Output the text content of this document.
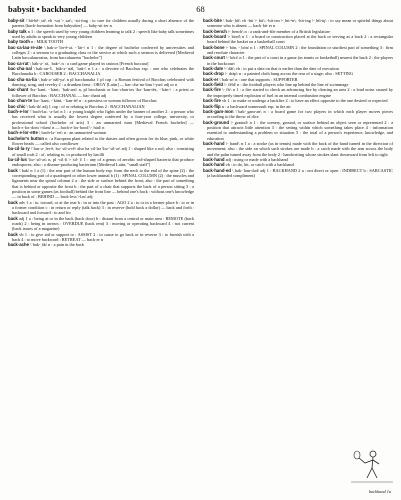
babysit • backhanded	68

baby-sit \ˈbā-bē-ˌsit\ vb -sat \-ˌsat\; -sit·ting : to care for children usually during a short absence of the parents [back-formation from babysitter] — baby-sit·ter n

baby talk n 1 : the speech used by very young children learning to talk 2 : speech like baby talk sometimes used by adults to speak to very young children

baby tooth n : MILK TOOTH

bac·ca·lau·re·ate \ˌbak-ə-ˈlȯr-ē-ət, -ˈlär-\ n 1 : the degree of bachelor conferred by universities and colleges 2 : a sermon to a graduating class or the service at which such a sermon is delivered [Medieval Latin baccalaureatus, from baccalaureus "bachelor"]

bac·ca·rat \ˌbäk-ə-ˈrä, ˌbak-\ n : a card game played in casinos [French baccara]

bac·cha·nal \ˈbak-ən-ᵊl, ˌbäk-ə-ˈnäl, ˈbak-\ n 1 a : a devotee of Bacchus esp. : one who celebrates the Bacchanalia b : CAROUSER 2 : BACCHANALIA

bac·cha·na·lia \ˌbak-ə-ˈnāl-yə\ n pl bacchanalia 1 pl cap : a Roman festival of Bacchus celebrated with dancing, song, and revelry 2 : a drunken feast : ORGY [Latin] — bac·cha·na·lian \-yən\ adj or n

bac·chant \bə-ˈkant, -ˈkänt; ˈbak-ənt\ n, pl bacchants or bac·chan·tes \bə-ˈkan-tēz, -ˈkän-\ : a priest or follower of Bacchus : BACCHANAL — bac·chant adj

bac·chan·te \bə-ˈkant, -ˈkänt, -ˈkan-tē\ n : a priestess or woman follower of Bacchus

bac·chic \ˈbak-ik\ adj 1 cap : of or relating to Bacchus 2 : BACCHANALIAN

bach·e·lor \ˈbach-lər, -ə-lər\ n 1 : a young knight who fights under the banner of another 2 : a person who has received what is usually the lowest degree conferred by a four-year college, university, or professional school (bachelor of arts) 3 : an unmarried man [Medieval French bacheler] — bach·e·lor·dom \-dəm\ n — bach·e·lor·hood \-ˌhu̇d\ n

bach·e·lor·ette \ˌbach-lə-ˈret\ n : an unmarried woman

bachelor's button n : a European plant related to the daisies and often grown for its blue, pink, or white flower heads — called also cornflower

ba·cil·la·ry \ˈbas-ə-ˌler-ē, bə-ˈsil-ə-rē\ also ba·cil·lar \bə-ˈsil-ər\ adj 1 : shaped like a rod; also : consisting of small rods 2 : of, relating to, or produced by bacilli

ba·cil·lus \bə-ˈsil-əs\ n, pl -cil·li \-ˈsil-ˌī\ 1 : any of a genus of aerobic rod-shaped bacteria that produce endospores; also : a disease-producing bacterium [Medieval Latin, "small staff"]

back \ˈbak\ n 1 a (1) : the rear part of the human body esp. from the neck to the end of the spine (2) : the corresponding part of a quadruped or other lower animal b (1) : SPINAL COLUMN (2) : the muscles and ligaments near the spinal column 2 a : the side or surface behind the front; also : the part of something that is behind or opposite the front b : the part of a chair that supports the back of a person sitting 3 : a position in some games (as football) behind the front line — behind one's back : without one's knowledge — in back of : BEHIND — back·less \-ləs\ adj

back adv 1 a : to, toward, or at the rear b : in or into the past : AGO 2 a : to or in a former place b : to or in a former condition c : in return or reply (talk back) 3 : in reserve (hold back a dollar) — back and forth : backward and forward : to and fro

back adj 1 a : being at or in the back (back door) b : distant from a central or main area : REMOTE (back roads) 2 : being in arrears : OVERDUE (back rent) 3 : moving or operating backward 4 : not current (back issues of a magazine)

back vb 1 : to give aid or support to : ASSIST 2 : to cause to go back or in reverse 3 : to furnish with a back 4 : to move backward : RETREAT — back·er n

back·ache \ˈbak-ˌāk\ n : a pain in the back

back·bite \ˈbak-ˌbīt\ vb -bit \-ˌbit\; -bit·ten \-ˌbit-ᵊn\; -bit·ing \-ˌbīt-iŋ\ : to say mean or spiteful things about someone who is absent — back·bit·er n

back·bench \-ˌbench\ n : a rank-and-file member of a British legislature

back·board \-ˌbȯrd\ n 1 : a board or construction placed at the back or serving as a back 2 : a rectangular board behind the basket on a basketball court

back·bone \-ˈbōn, -ˌbōn\ n 1 : SPINAL COLUMN 2 : the foundation or sturdiest part of something 3 : firm and resolute character

back·court \-ˈkōrt\ n 1 : the part of a court in a game (as tennis or basketball) nearest the back 2 : the players in the backcourt

back·date \-ˈdāt\ vb : to put a date on that is earlier than the date of execution

back·drop \-ˌdräp\ n : a painted cloth hung across the rear of a stage; also : SETTING

back·er \ˈbak-ər\ n : one that supports : SUPPORTER

back·field \-ˌfēld\ n : the football players who line up behind the line of scrimmage

back·fire \-ˌfīr\ n 1 : a fire started to check an advancing fire by clearing an area 2 : a loud noise caused by the improperly timed explosion of fuel in an internal combustion engine

back·fire vb 1 : to make or undergo a backfire 2 : to have an effect opposite to the one desired or expected

back·flip n : a backward somersault esp. in the air

back·gam·mon \ˈbak-ˌgam-ən\ n : a board game for two players in which each player moves pieces according to the throw of dice

back·ground \-ˌgrau̇nd\ n 1 : the scenery, ground, or surface behind an object seen or represented 2 : a position that attracts little attention 3 : the setting within which something takes place 4 : information essential to understanding a problem or situation 5 : the total of a person's experience, knowledge, and education

back·hand \-ˌhand\ n 1 a : a stroke (as in tennis) made with the back of the hand turned in the direction of movement; also : the side on which such strokes are made b : a catch made with the arm across the body and the palm turned away from the body 2 : handwriting whose strokes slant downward from left to right

back·hand adj : using or made with a backhand

back·hand vb : to do, hit, or catch with a backhand

back·hand·ed \ˌbak-ˈhan-dəd\ adj 1 : BACKHAND 2 a : not direct or open : INDIRECT b : SARCASTIC (a backhanded compliment)

backhand 1a
